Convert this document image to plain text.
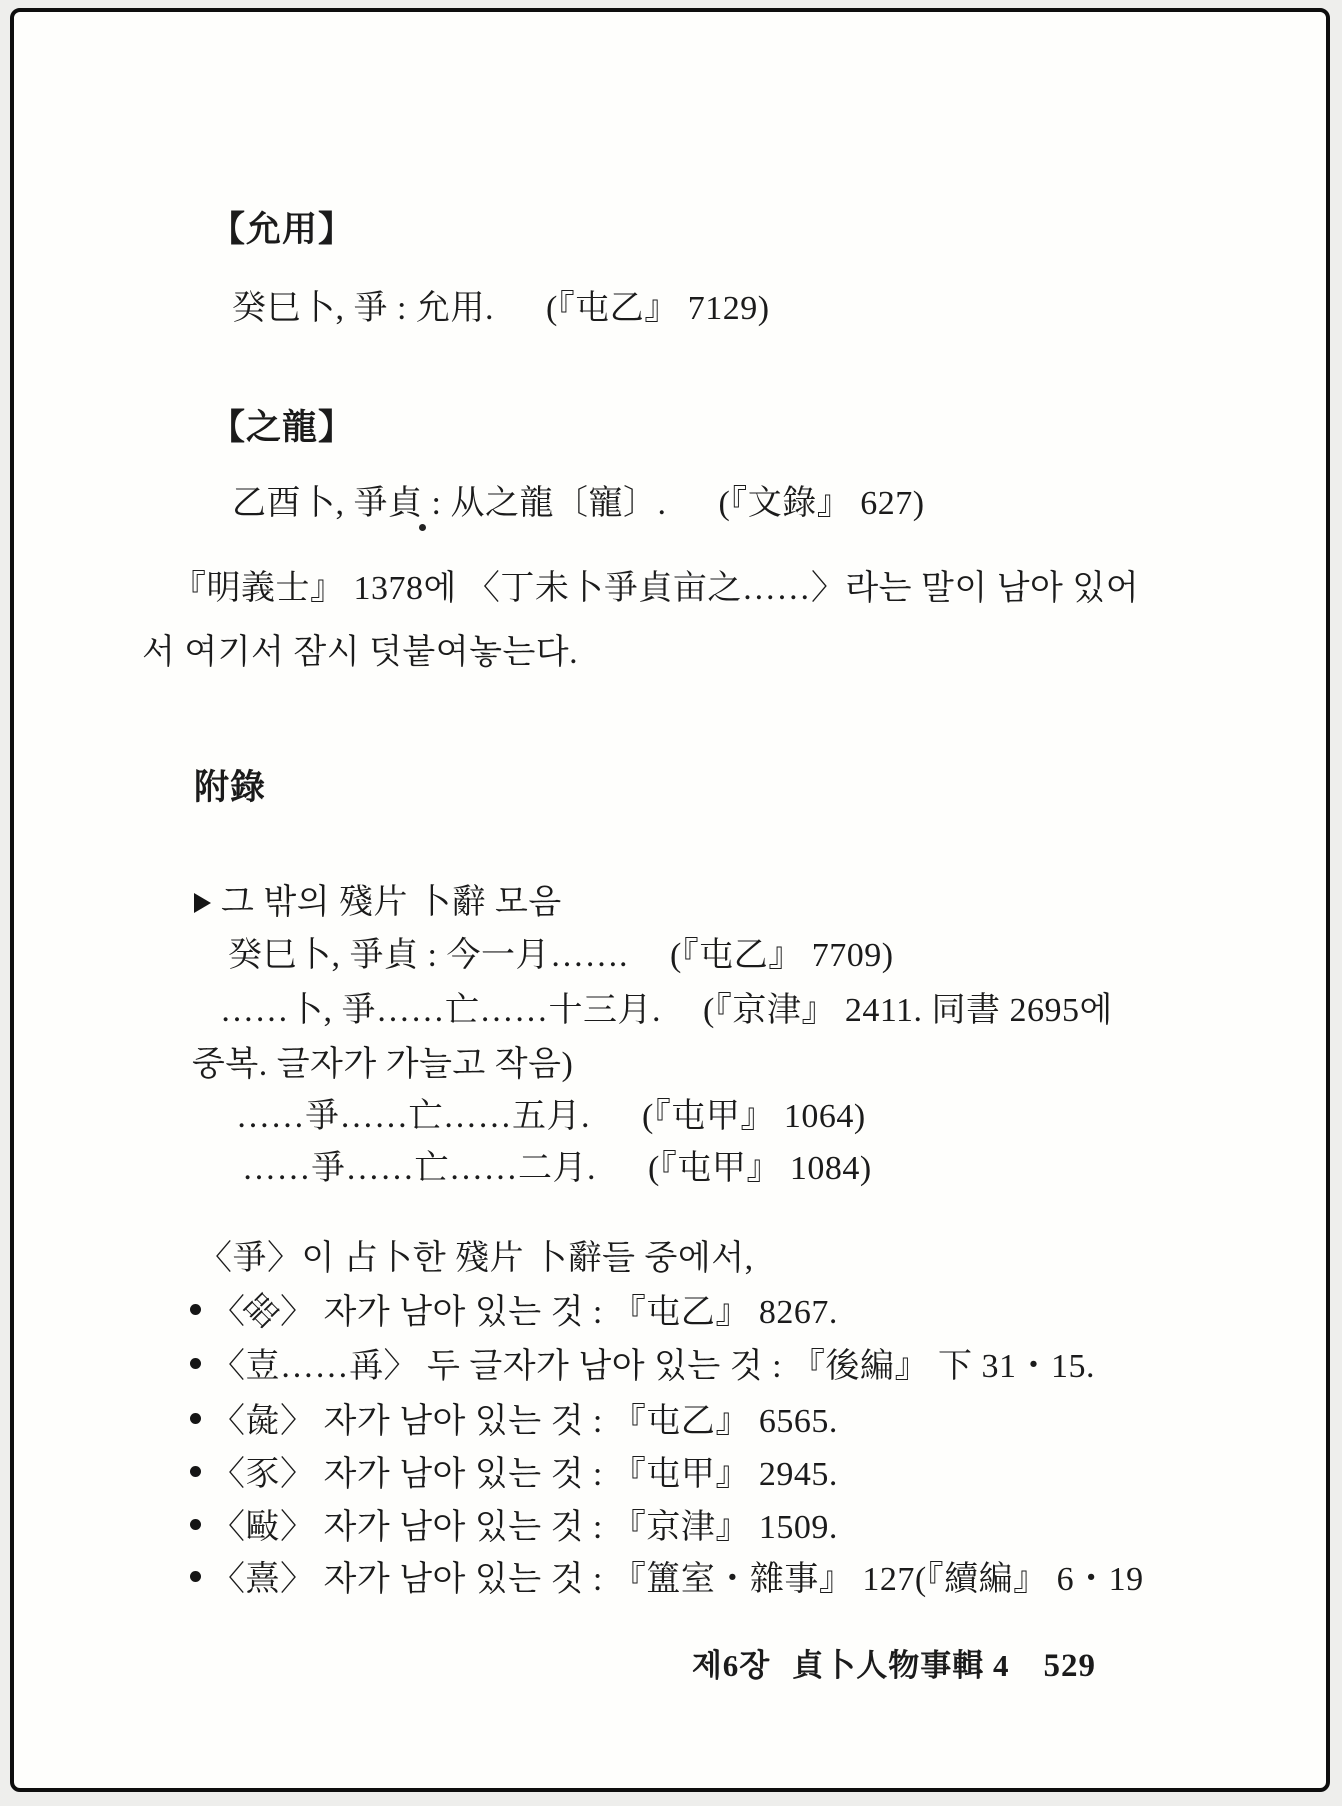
【允用】
癸巳卜, 爭 : 允用. (『屯乙』 7129)
【之龍】
乙酉卜, 爭貞 : 从之龍〔寵〕. (『文錄』 627)
『明義士』 1378에 〈丁未卜爭貞亩之……〉라는 말이 남아 있어
서 여기서 잠시 덧붙여놓는다.
附錄
그 밖의 殘片 卜辭 모음
癸巳卜, 爭貞 : 今一月……. (『屯乙』 7709)
……卜, 爭……亡……十三月. (『京津』 2411. 同書 2695에
중복. 글자가 가늘고 작음)
……爭……亡……五月. (『屯甲』 1064)
……爭……亡……二月. (『屯甲』 1084)
〈爭〉이 占卜한 殘片 卜辭들 중에서,
〈㗊〉 자가 남아 있는 것 : 『屯乙』 8267.
〈壴……爯〉 두 글자가 남아 있는 것 : 『後編』 下 31・15.
〈彘〉 자가 남아 있는 것 : 『屯乙』 6565.
〈豕〉 자가 남아 있는 것 : 『屯甲』 2945.
〈敺〉 자가 남아 있는 것 : 『京津』 1509.
〈熹〉 자가 남아 있는 것 : 『簠室・雜事』 127(『續編』 6・19
제6장 貞卜人物事輯 4 529
